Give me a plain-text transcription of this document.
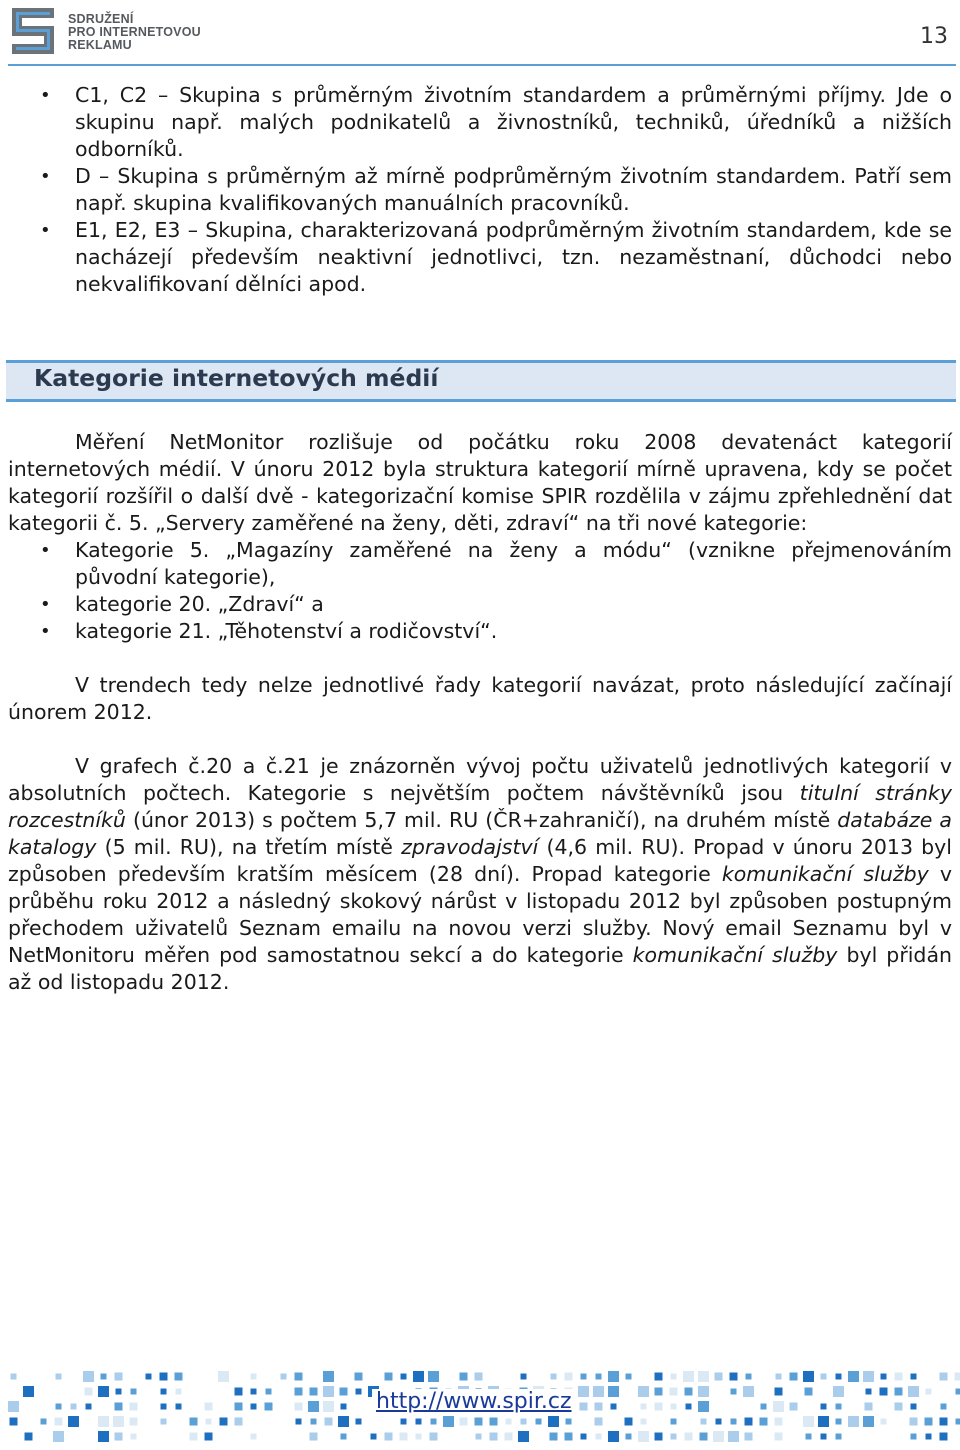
SDRUŽENÍ
PRO INTERNETOVOU
REKLAMU	13
• C1, C2 – Skupina s průměrným životním standardem a průměrnými příjmy. Jde o skupinu např. malých podnikatelů a živnostníků, techniků, úředníků a nižších odborníků.
• D – Skupina s průměrným až mírně podprůměrným životním standardem. Patří sem např. skupina kvalifikovaných manuálních pracovníků.
• E1, E2, E3 – Skupina, charakterizovaná podprůměrným životním standardem, kde se nacházejí především neaktivní jednotlivci, tzn. nezaměstnaní, důchodci nebo nekvalifikovaní dělníci apod.
Kategorie internetových médií

Měření NetMonitor rozlišuje od počátku roku 2008 devatenáct kategorií internetových médií. V únoru 2012 byla struktura kategorií mírně upravena, kdy se počet kategorií rozšířil o další dvě - kategorizační komise SPIR rozdělila v zájmu zpřehlednění dat kategorii č. 5. „Servery zaměřené na ženy, děti, zdraví“ na tři nové kategorie:

• Kategorie 5. „Magazíny zaměřené na ženy a módu“ (vznikne přejmenováním původní kategorie),
• kategorie 20. „Zdraví“ a
• kategorie 21. „Těhotenství a rodičovství“.

V trendech tedy nelze jednotlivé řady kategorií navázat, proto následující začínají únorem 2012.

V grafech č.20 a č.21 je znázorněn vývoj počtu uživatelů jednotlivých kategorií v absolutních počtech. Kategorie s největším počtem návštěvníků jsou titulní stránky rozcestníků (únor 2013) s počtem 5,7 mil. RU (ČR+zahraničí), na druhém místě databáze a katalogy (5 mil. RU), na třetím místě zpravodajství (4,6 mil. RU). Propad v únoru 2013 byl způsoben především kratším měsícem (28 dní). Propad kategorie komunikační služby v průběhu roku 2012 a následný skokový nárůst v listopadu 2012 byl způsoben postupným přechodem uživatelů Seznam emailu na novou verzi služby. Nový email Seznamu byl v NetMonitoru měřen pod samostatnou sekcí a do kategorie komunikační služby byl přidán až od listopadu 2012.

http://www.spir.cz
